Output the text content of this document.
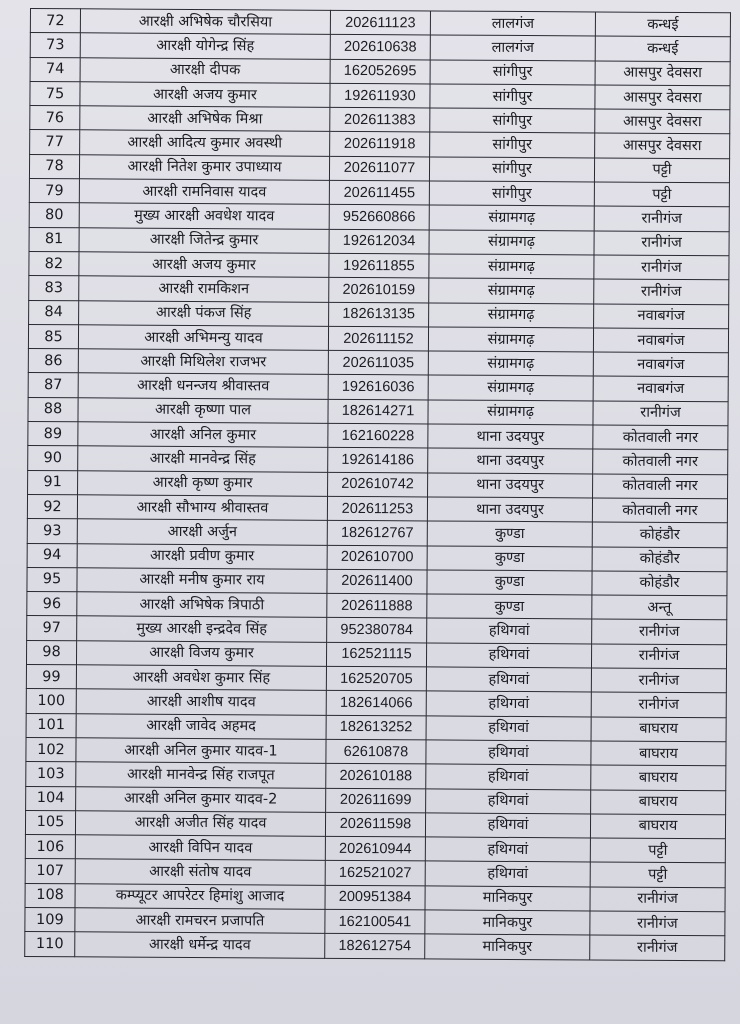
72	आरक्षी अभिषेक चौरसिया	202611123	लालगंज	कन्धई
73	आरक्षी योगेन्द्र सिंह	202610638	लालगंज	कन्धई
74	आरक्षी दीपक	162052695	सांगीपुर	आसपुर देवसरा
75	आरक्षी अजय कुमार	192611930	सांगीपुर	आसपुर देवसरा
76	आरक्षी अभिषेक मिश्रा	202611383	सांगीपुर	आसपुर देवसरा
77	आरक्षी आदित्य कुमार अवस्थी	202611918	सांगीपुर	आसपुर देवसरा
78	आरक्षी नितेश कुमार उपाध्याय	202611077	सांगीपुर	पट्टी
79	आरक्षी रामनिवास यादव	202611455	सांगीपुर	पट्टी
80	मुख्य आरक्षी अवधेश यादव	952660866	संग्रामगढ़	रानीगंज
81	आरक्षी जितेन्द्र कुमार	192612034	संग्रामगढ़	रानीगंज
82	आरक्षी अजय कुमार	192611855	संग्रामगढ़	रानीगंज
83	आरक्षी रामकिशन	202610159	संग्रामगढ़	रानीगंज
84	आरक्षी पंकज सिंह	182613135	संग्रामगढ़	नवाबगंज
85	आरक्षी अभिमन्यु यादव	202611152	संग्रामगढ़	नवाबगंज
86	आरक्षी मिथिलेश राजभर	202611035	संग्रामगढ़	नवाबगंज
87	आरक्षी धनन्जय श्रीवास्तव	192616036	संग्रामगढ़	नवाबगंज
88	आरक्षी कृष्णा पाल	182614271	संग्रामगढ़	रानीगंज
89	आरक्षी अनिल कुमार	162160228	थाना उदयपुर	कोतवाली नगर
90	आरक्षी मानवेन्द्र सिंह	192614186	थाना उदयपुर	कोतवाली नगर
91	आरक्षी कृष्ण कुमार	202610742	थाना उदयपुर	कोतवाली नगर
92	आरक्षी सौभाग्य श्रीवास्तव	202611253	थाना उदयपुर	कोतवाली नगर
93	आरक्षी अर्जुन	182612767	कुण्डा	कोहंडौर
94	आरक्षी प्रवीण कुमार	202610700	कुण्डा	कोहंडौर
95	आरक्षी मनीष कुमार राय	202611400	कुण्डा	कोहंडौर
96	आरक्षी अभिषेक त्रिपाठी	202611888	कुण्डा	अन्तू
97	मुख्य आरक्षी इन्द्रदेव सिंह	952380784	हथिगवां	रानीगंज
98	आरक्षी विजय कुमार	162521115	हथिगवां	रानीगंज
99	आरक्षी अवधेश कुमार सिंह	162520705	हथिगवां	रानीगंज
100	आरक्षी आशीष यादव	182614066	हथिगवां	रानीगंज
101	आरक्षी जावेद अहमद	182613252	हथिगवां	बाघराय
102	आरक्षी अनिल कुमार यादव-1	62610878	हथिगवां	बाघराय
103	आरक्षी मानवेन्द्र सिंह राजपूत	202610188	हथिगवां	बाघराय
104	आरक्षी अनिल कुमार यादव-2	202611699	हथिगवां	बाघराय
105	आरक्षी अजीत सिंह यादव	202611598	हथिगवां	बाघराय
106	आरक्षी विपिन यादव	202610944	हथिगवां	पट्टी
107	आरक्षी संतोष यादव	162521027	हथिगवां	पट्टी
108	कम्प्यूटर आपरेटर हिमांशु आजाद	200951384	मानिकपुर	रानीगंज
109	आरक्षी रामचरन प्रजापति	162100541	मानिकपुर	रानीगंज
110	आरक्षी धर्मेन्द्र यादव	182612754	मानिकपुर	रानीगंज
